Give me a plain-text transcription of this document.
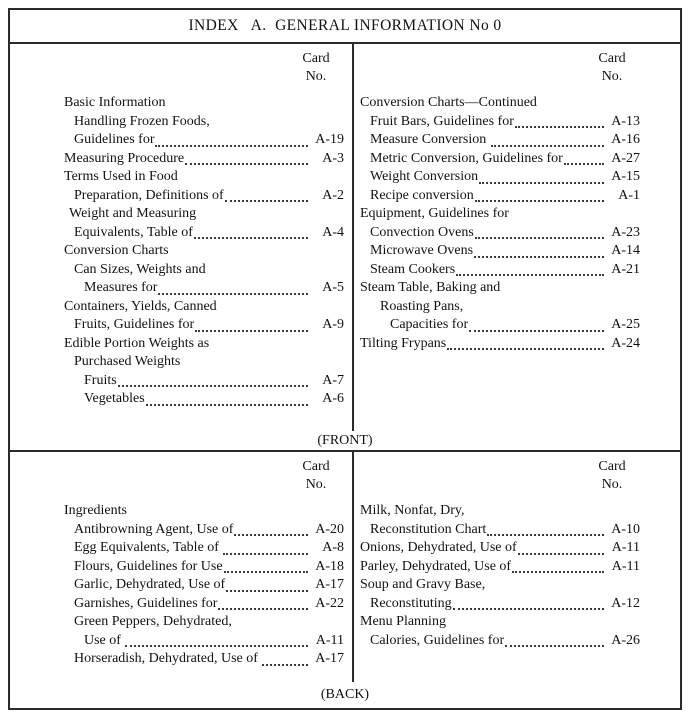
INDEX   A.  GENERAL INFORMATION No 0
Card
No.
Basic Information
Handling Frozen Foods,
Guidelines for	A-19
Measuring Procedure	A-3
Terms Used in Food
Preparation, Definitions of	A-2
Weight and Measuring
Equivalents, Table of	A-4
Conversion Charts
Can Sizes, Weights and
Measures for	A-5
Containers, Yields, Canned
Fruits, Guidelines for	A-9
Edible Portion Weights as
Purchased Weights
Fruits	A-7
Vegetables	A-6
Card
No.
Conversion Charts—Continued
Fruit Bars, Guidelines for	A-13
Measure Conversion	A-16
Metric Conversion, Guidelines for	A-27
Weight Conversion	A-15
Recipe conversion	A-1
Equipment, Guidelines for
Convection Ovens	A-23
Microwave Ovens	A-14
Steam Cookers	A-21
Steam Table, Baking and
Roasting Pans,
Capacities for	A-25
Tilting Frypans	A-24
(FRONT)
Card
No.
Ingredients
Antibrowning Agent, Use of	A-20
Egg Equivalents, Table of	A-8
Flours, Guidelines for Use	A-18
Garlic, Dehydrated, Use of	A-17
Garnishes, Guidelines for	A-22
Green Peppers, Dehydrated,
Use of	A-11
Horseradish, Dehydrated, Use of	A-17
Card
No.
Milk, Nonfat, Dry,
Reconstitution Chart	A-10
Onions, Dehydrated, Use of	A-11
Parley, Dehydrated, Use of	A-11
Soup and Gravy Base,
Reconstituting	A-12
Menu Planning
Calories, Guidelines for	A-26
(BACK)
